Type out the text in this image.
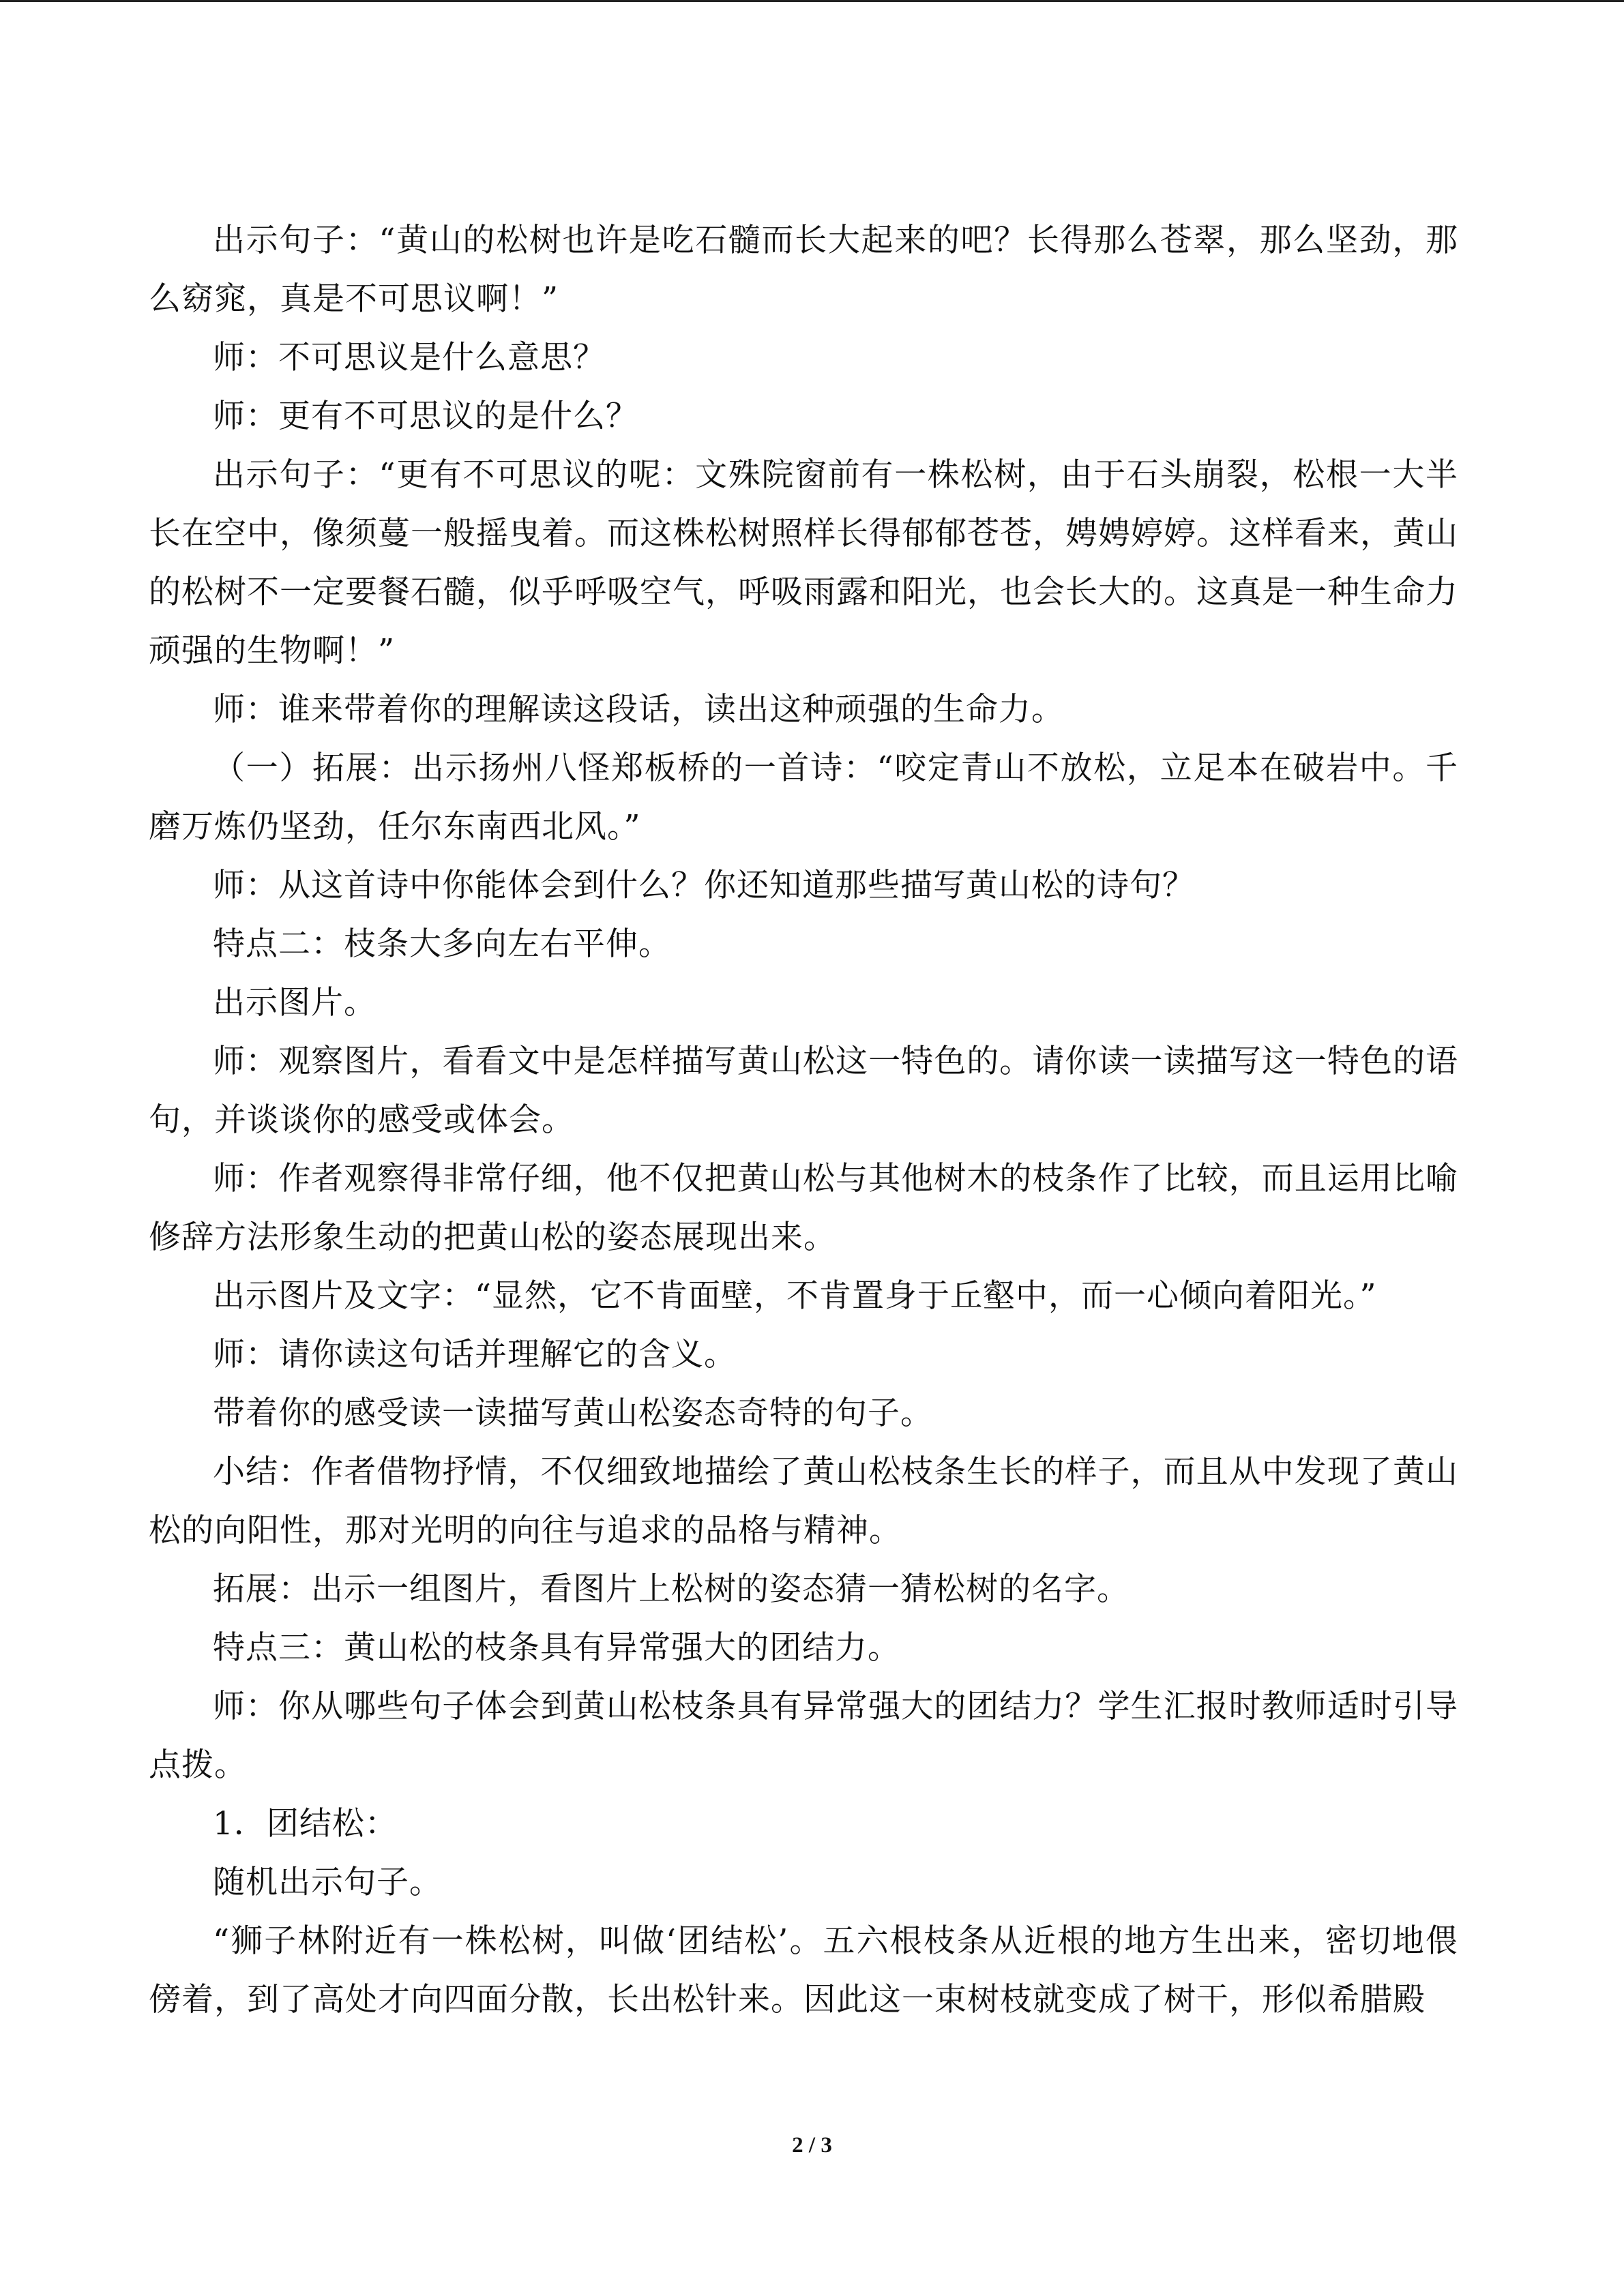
出示句子：“黄山的松树也许是吃石髓而长大起来的吧？长得那么苍翠，那么坚劲，那么窈窕，真是不可思议啊！”

师：不可思议是什么意思？

师：更有不可思议的是什么？

出示句子：“更有不可思议的呢：文殊院窗前有一株松树，由于石头崩裂，松根一大半长在空中，像须蔓一般摇曳着。而这株松树照样长得郁郁苍苍，娉娉婷婷。这样看来，黄山的松树不一定要餐石髓，似乎呼吸空气，呼吸雨露和阳光，也会长大的。这真是一种生命力顽强的生物啊！”

师：谁来带着你的理解读这段话，读出这种顽强的生命力。

（一）拓展：出示扬州八怪郑板桥的一首诗：“咬定青山不放松，立足本在破岩中。千磨万炼仍坚劲，任尔东南西北风。”

师：从这首诗中你能体会到什么？你还知道那些描写黄山松的诗句？

特点二：枝条大多向左右平伸。

出示图片。

师：观察图片，看看文中是怎样描写黄山松这一特色的。请你读一读描写这一特色的语句，并谈谈你的感受或体会。

师：作者观察得非常仔细，他不仅把黄山松与其他树木的枝条作了比较，而且运用比喻修辞方法形象生动的把黄山松的姿态展现出来。

出示图片及文字：“显然，它不肯面壁，不肯置身于丘壑中，而一心倾向着阳光。”

师：请你读这句话并理解它的含义。

带着你的感受读一读描写黄山松姿态奇特的句子。

小结：作者借物抒情，不仅细致地描绘了黄山松枝条生长的样子，而且从中发现了黄山松的向阳性，那对光明的向往与追求的品格与精神。

拓展：出示一组图片，看图片上松树的姿态猜一猜松树的名字。

特点三：黄山松的枝条具有异常强大的团结力。

师：你从哪些句子体会到黄山松枝条具有异常强大的团结力？学生汇报时教师适时引导点拨。

1．团结松：

随机出示句子。

“狮子林附近有一株松树，叫做‘团结松’。五六根枝条从近根的地方生出来，密切地偎傍着，到了高处才向四面分散，长出松针来。因此这一束树枝就变成了树干，形似希腊殿

2 / 3
